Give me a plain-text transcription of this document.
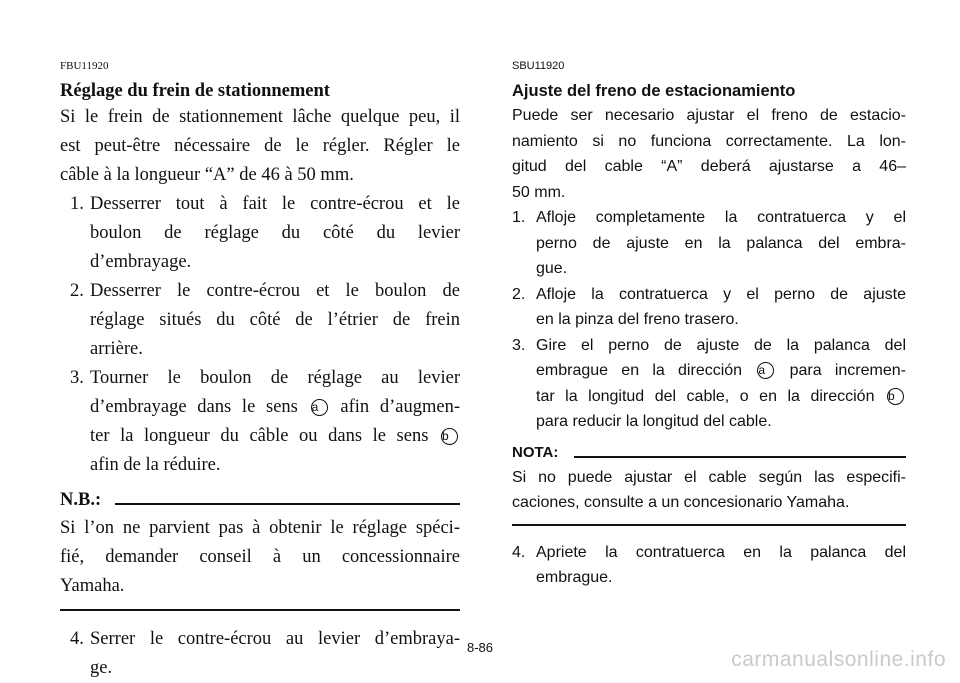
FBU11920
Réglage du frein de stationnement
Si le frein de stationnement lâche quelque peu, il
est peut-être nécessaire de le régler. Régler le
câble à la longueur “A” de 46 à 50 mm.
1. Desserrer tout à fait le contre-écrou et le
boulon de réglage du côté du levier
d’embrayage.
2. Desserrer le contre-écrou et le boulon de
réglage situés du côté de l’étrier de frein
arrière.
3. Tourner le boulon de réglage au levier
d’embrayage dans le sens a afin d’augmen-
ter la longueur du câble ou dans le sens b
afin de la réduire.
N.B.:
Si l’on ne parvient pas à obtenir le réglage spéci-
fié, demander conseil à un concessionnaire
Yamaha.
4. Serrer le contre-écrou au levier d’embraya-
ge.
SBU11920
Ajuste del freno de estacionamiento
Puede ser necesario ajustar el freno de estacio-
namiento si no funciona correctamente. La lon-
gitud del cable “A” deberá ajustarse a 46–
50 mm.
1. Afloje completamente la contratuerca y el
perno de ajuste en la palanca del embra-
gue.
2. Afloje la contratuerca y el perno de ajuste
en la pinza del freno trasero.
3. Gire el perno de ajuste de la palanca del
embrague en la dirección a para incremen-
tar la longitud del cable, o en la dirección b
para reducir la longitud del cable.
NOTA:
Si no puede ajustar el cable según las especifi-
caciones, consulte a un concesionario Yamaha.
4. Apriete la contratuerca en la palanca del
embrague.
8-86
carmanualsonline.info
